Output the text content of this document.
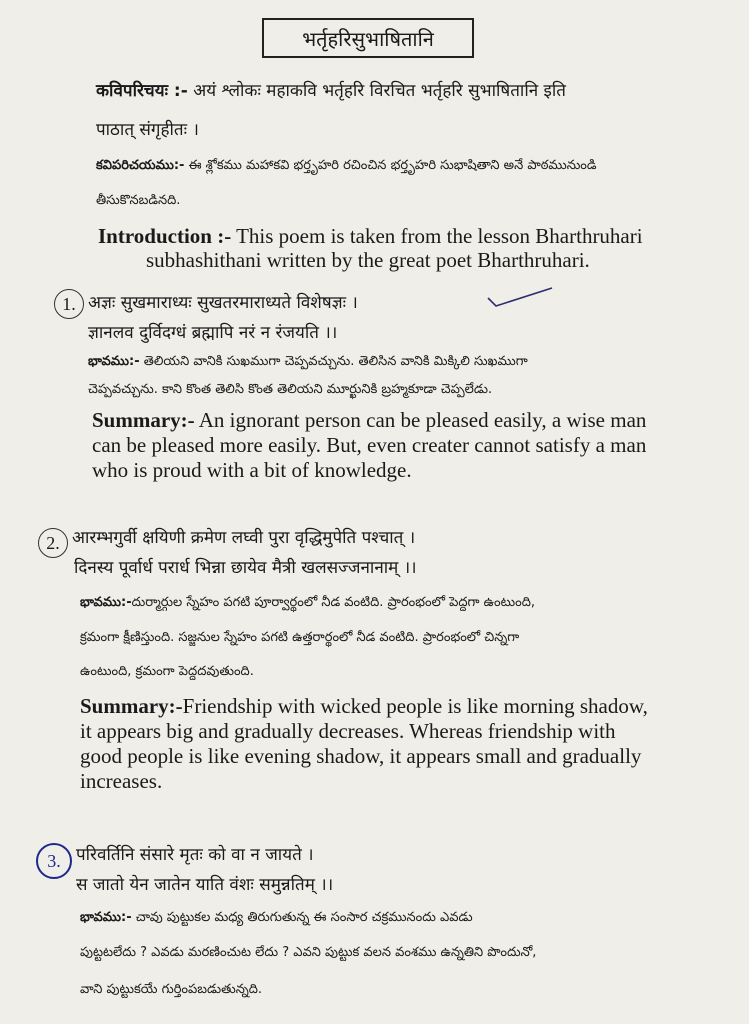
भर्तृहरिसुभाषितानि
कविपरिचयः :- अयं श्लोकः महाकवि भर्तृहरि विरचित भर्तृहरि सुभाषितानि इति
पाठात् संगृहीतः ।
కవిపరిచయము:- ఈ శ్లోకము మహాకవి భర్తృహరి రచించిన భర్తృహరి సుభాషితాని అనే పాఠమునుండి
తీసుకొనబడినది.
Introduction :- This poem is taken from the lesson Bharthruhari
subhashithani written by the great poet Bharthruhari.
1. अज्ञः सुखमाराध्यः सुखतरमाराध्यते विशेषज्ञः ।
ज्ञानलव दुर्विदग्धं ब्रह्मापि नरं न रंजयति ।।
భావము:- తెలియని వానికి సుఖముగా చెప్పవచ్చును. తెలిసిన వానికి మిక్కిలి సుఖముగా
చెప్పవచ్చును. కాని కొంత తెలిసి కొంత తెలియని మూర్ఖునికి బ్రహ్మకూడా చెప్పలేడు.
Summary:- An ignorant person can be pleased easily, a wise man
can be pleased more easily. But, even creater cannot satisfy a man
who is proud with a bit of knowledge.
2. आरम्भगुर्वी क्षयिणी क्रमेण लघ्वी पुरा वृद्धिमुपेति पश्चात् ।
दिनस्य पूर्वार्ध परार्ध भिन्ना छायेव मैत्री खलसज्जनानाम् ।।
భావము:-దుర్మార్గుల స్నేహం పగటి పూర్వార్థంలో నీడ వంటిది. ప్రారంభంలో పెద్దగా ఉంటుంది,
క్రమంగా క్షీణిస్తుంది. సజ్జనుల స్నేహం పగటి ఉత్తరార్థంలో నీడ వంటిది. ప్రారంభంలో చిన్నగా
ఉంటుంది, క్రమంగా పెద్దదవుతుంది.
Summary:-Friendship with wicked people is like morning shadow,
it appears big and gradually decreases. Whereas friendship with
good people is like evening shadow, it appears small and gradually
increases.
3. परिवर्तिनि संसारे मृतः को वा न जायते ।
स जातो येन जातेन याति वंशः समुन्नतिम् ।।
భావము:- చావు పుట్టుకల మధ్య తిరుగుతున్న ఈ సంసార చక్రమునందు ఎవడు
పుట్టటలేదు ? ఎవడు మరణించుట లేదు ? ఎవని పుట్టుక వలన వంశము ఉన్నతిని పొందునో,
వాని పుట్టుకయే గుర్తింపబడుతున్నది.
